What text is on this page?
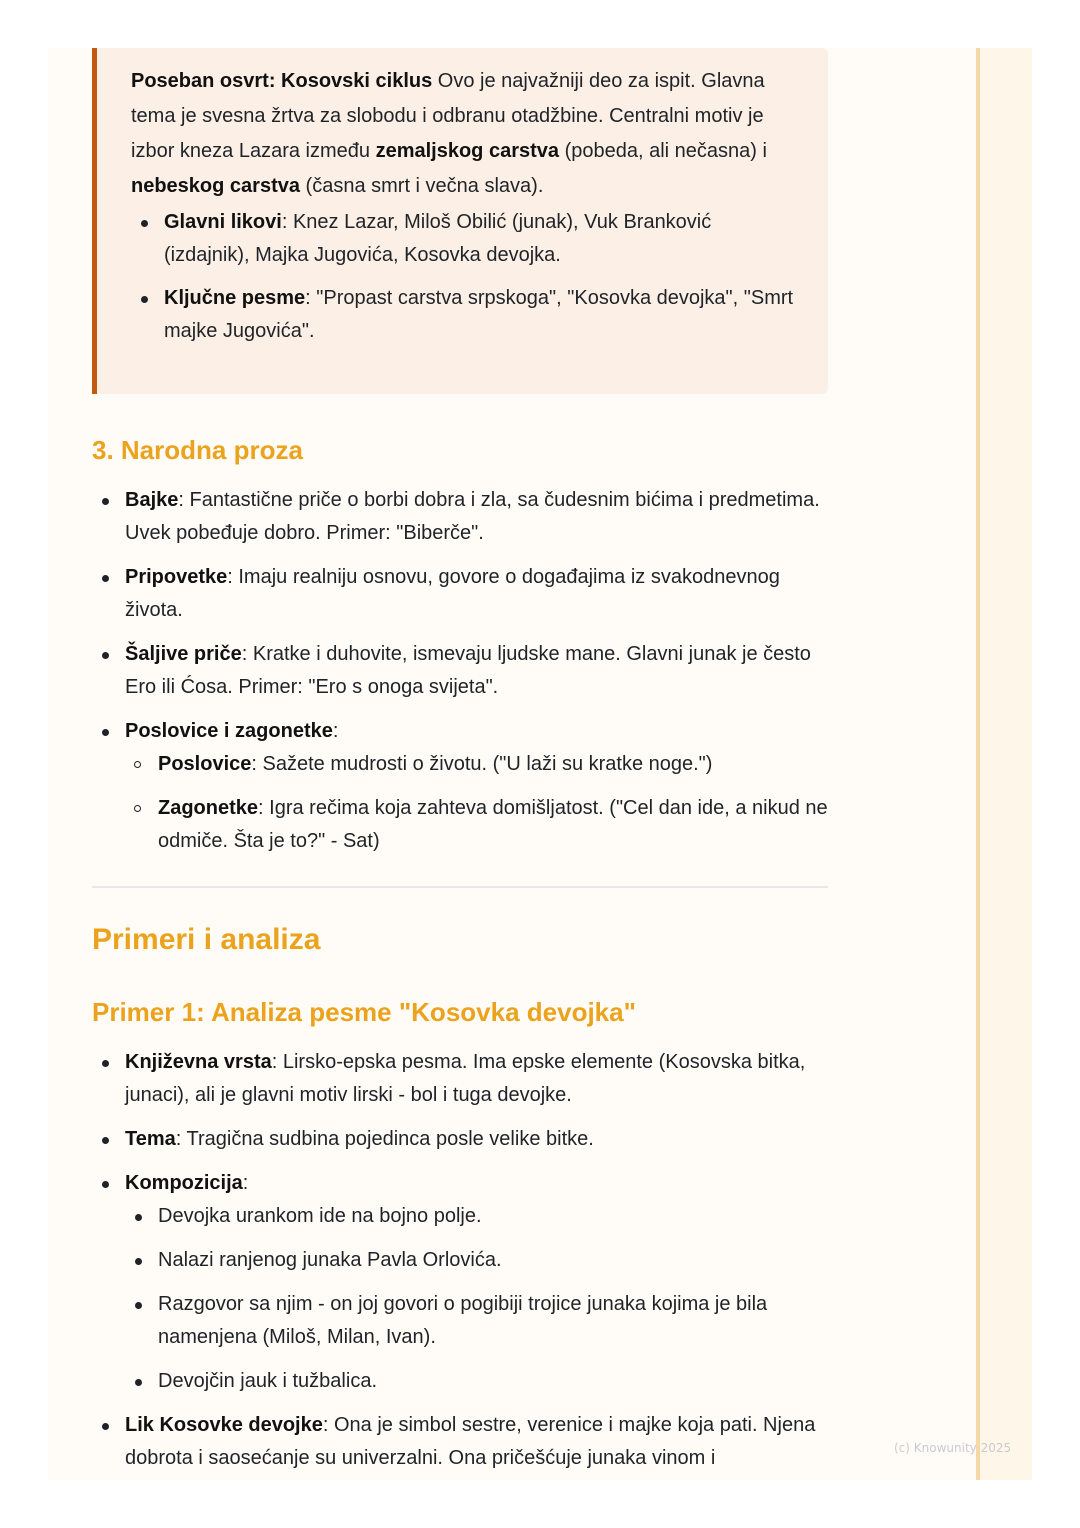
Poseban osvrt: Kosovski ciklus Ovo je najvažniji deo za ispit. Glavna tema je svesna žrtva za slobodu i odbranu otadžbine. Centralni motiv je izbor kneza Lazara između zemaljskog carstva (pobeda, ali nečasna) i nebeskog carstva (časna smrt i večna slava).

Glavni likovi: Knez Lazar, Miloš Obilić (junak), Vuk Branković (izdajnik), Majka Jugovića, Kosovka devojka.
Ključne pesme: "Propast carstva srpskoga", "Kosovka devojka", "Smrt majke Jugovića".
3. Narodna proza
Bajke: Fantastične priče o borbi dobra i zla, sa čudesnim bićima i predmetima. Uvek pobeđuje dobro. Primer: "Biberče".
Pripovetke: Imaju realniju osnovu, govore o događajima iz svakodnevnog života.
Šaljive priče: Kratke i duhovite, ismevaju ljudske mane. Glavni junak je često Ero ili Ćosa. Primer: "Ero s onoga svijeta".
Poslovice i zagonetke:
Poslovice: Sažete mudrosti o životu. ("U laži su kratke noge.")
Zagonetke: Igra rečima koja zahteva domišljatost. ("Cel dan ide, a nikud ne odmiče. Šta je to?" - Sat)
Primeri i analiza
Primer 1: Analiza pesme "Kosovka devojka"
Književna vrsta: Lirsko-epska pesma. Ima epske elemente (Kosovska bitka, junaci), ali je glavni motiv lirski - bol i tuga devojke.
Tema: Tragična sudbina pojedinca posle velike bitke.
Kompozicija:
Devojka urankom ide na bojno polje.
Nalazi ranjenog junaka Pavla Orlovića.
Razgovor sa njim - on joj govori o pogibiji trojice junaka kojima je bila namenjena (Miloš, Milan, Ivan).
Devojčin jauk i tužbalica.
Lik Kosovke devojke: Ona je simbol sestre, verenice i majke koja pati. Njena dobrota i saosećanje su univerzalni. Ona pričešćuje junaka vinom i	(c) Knowunity 2025
